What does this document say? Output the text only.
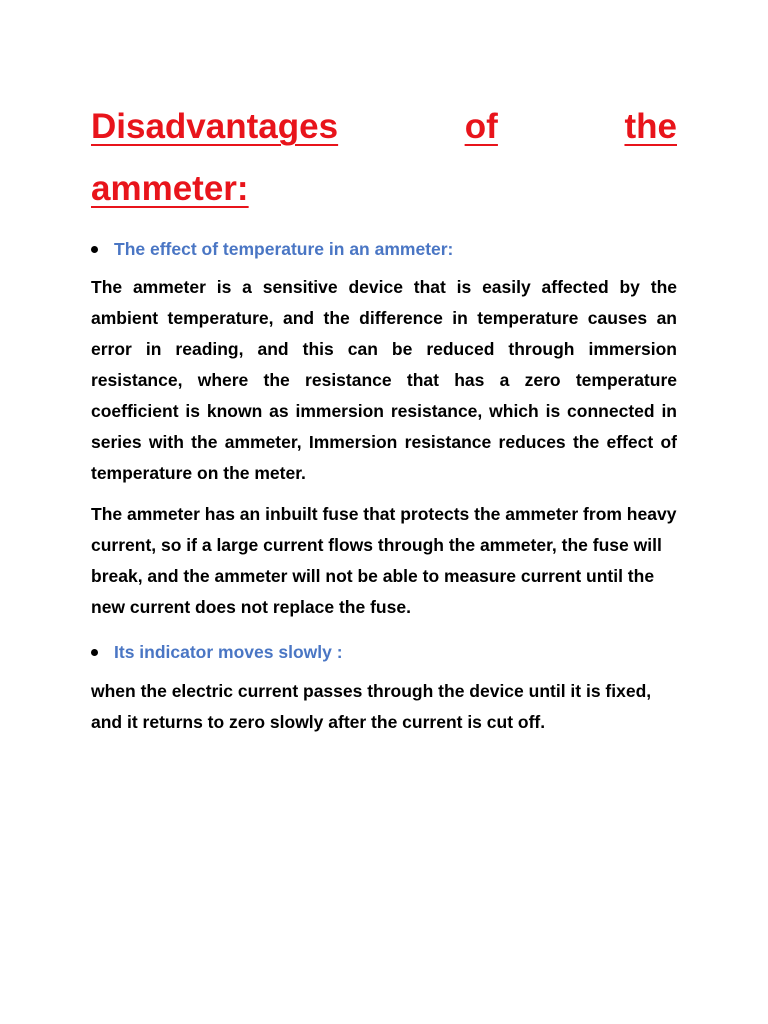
Disadvantages	of	the
ammeter:
The effect of temperature in an ammeter:

The ammeter is a sensitive device that is easily affected by the ambient temperature, and the difference in temperature causes an error in reading, and this can be reduced through immersion resistance, where the resistance that has a zero temperature coefficient is known as immersion resistance, which is connected in series with the ammeter, Immersion resistance reduces the effect of temperature on the meter.

The ammeter has an inbuilt fuse that protects the ammeter from heavy current, so if a large current flows through the ammeter, the fuse will break, and the ammeter will not be able to measure current until the new current does not replace the fuse.

Its indicator moves slowly :

when the electric current passes through the device until it is fixed, and it returns to zero slowly after the current is cut off.
